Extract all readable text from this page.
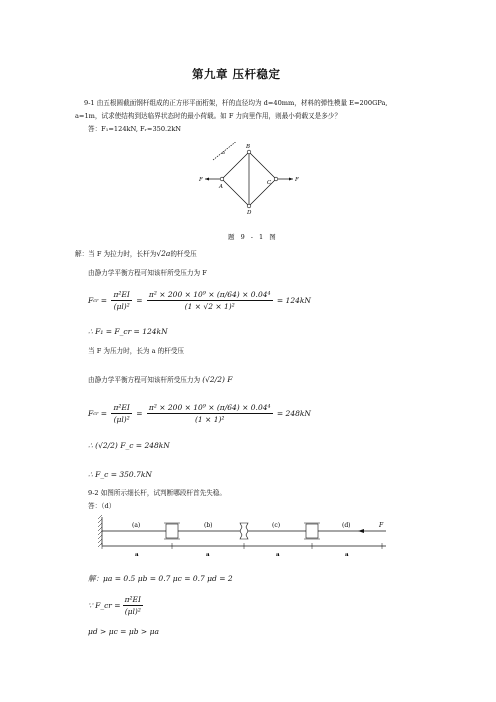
第九章 压杆稳定
9-1 由五根圆截面钢杆组成的正方形平面桁架，杆的直径均为 d=40mm，材料的弹性模量 E=200GPa,
a=1m，试求使结构到达临界状态时的最小荷载。如 F 力向里作用，则最小荷载又是多少？
答：F₁=124kN, Fᵣ=350.2kN
B
A
C
D
F	F
a
题 9 - 1 图
解：当 F 为拉力时，长杆为√2a的杆受压
由静力学平衡方程可知该杆所受压力为 F
F cr = $\frac{\text{π²EI}}{\text{(μl)²}} = \frac{\text{π² × 200 × 10⁹ × (π/64) × 0.04⁴}}{\text{(1 × √2 × 1)²}}$
= 124kN
∴ F₁ = F_cr = 124kN
当 F 为压力时，长为 a 的杆受压
由静力学平衡方程可知该杆所受压力为 (√2/2) F
F cr = $\frac{\text{π²EI}}{\text{(μl)²}} = \frac{\text{π² × 200 × 10⁹ × (π/64) × 0.04⁴}}{\text{(1 × 1)²}}$
= 248kN
∴ (√2/2) F_c = 248kN
∴ F_c = 350.7kN
9-2 如图所示细长杆，试判断哪段杆首先失稳。
答：（d）
(a)	(b)	(c)	(d)	F
a	a	a	a
解：μa = 0.5 μb = 0.7 μc = 0.7 μd = 2
∵ F_cr = $\frac{\text{π²EI}}{\text{(μl)²}}$
μd > μc = μb > μa
